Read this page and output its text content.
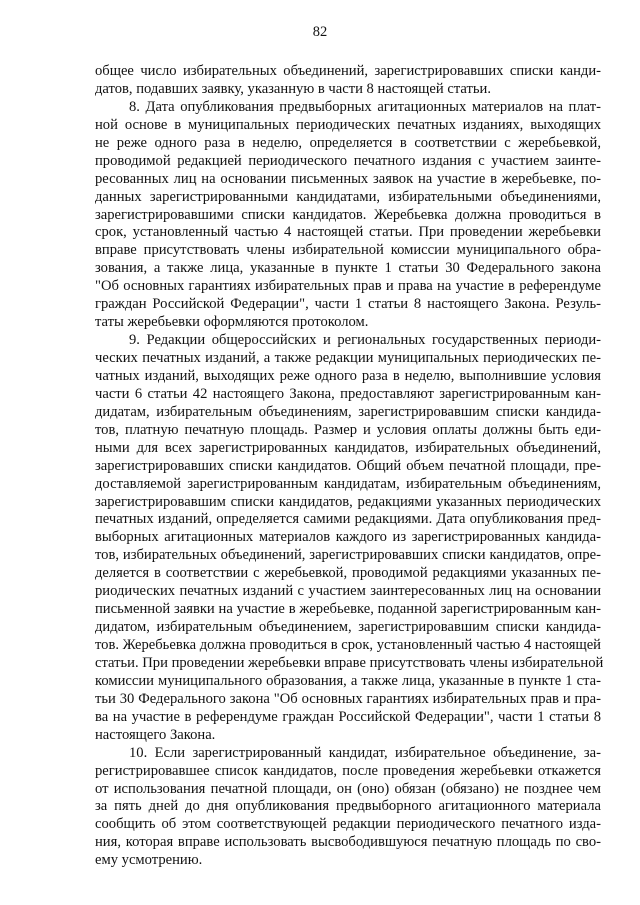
82
общее число избирательных объединений, зарегистрировавших списки канди-
датов, подавших заявку, указанную в части 8 настоящей статьи.
8. Дата опубликования предвыборных агитационных материалов на плат-
ной основе в муниципальных периодических печатных изданиях, выходящих
не реже одного раза в неделю, определяется в соответствии с жеребьевкой,
проводимой редакцией периодического печатного издания с участием заинте-
ресованных лиц на основании письменных заявок на участие в жеребьевке, по-
данных зарегистрированными кандидатами, избирательными объединениями,
зарегистрировавшими списки кандидатов. Жеребьевка должна проводиться в
срок, установленный частью 4 настоящей статьи. При проведении жеребьевки
вправе присутствовать члены избирательной комиссии муниципального обра-
зования, а также лица, указанные в пункте 1 статьи 30 Федерального закона
"Об основных гарантиях избирательных прав и права на участие в референдуме
граждан Российской Федерации", части 1 статьи 8 настоящего Закона. Резуль-
таты жеребьевки оформляются протоколом.
9. Редакции общероссийских и региональных государственных периоди-
ческих печатных изданий, а также редакции муниципальных периодических пе-
чатных изданий, выходящих реже одного раза в неделю, выполнившие условия
части 6 статьи 42 настоящего Закона, предоставляют зарегистрированным кан-
дидатам, избирательным объединениям, зарегистрировавшим списки кандида-
тов, платную печатную площадь. Размер и условия оплаты должны быть еди-
ными для всех зарегистрированных кандидатов, избирательных объединений,
зарегистрировавших списки кандидатов. Общий объем печатной площади, пре-
доставляемой зарегистрированным кандидатам, избирательным объединениям,
зарегистрировавшим списки кандидатов, редакциями указанных периодических
печатных изданий, определяется самими редакциями. Дата опубликования пред-
выборных агитационных материалов каждого из зарегистрированных кандида-
тов, избирательных объединений, зарегистрировавших списки кандидатов, опре-
деляется в соответствии с жеребьевкой, проводимой редакциями указанных пе-
риодических печатных изданий с участием заинтересованных лиц на основании
письменной заявки на участие в жеребьевке, поданной зарегистрированным кан-
дидатом, избирательным объединением, зарегистрировавшим списки кандида-
тов. Жеребьевка должна проводиться в срок, установленный частью 4 настоящей
статьи. При проведении жеребьевки вправе присутствовать члены избирательной
комиссии муниципального образования, а также лица, указанные в пункте 1 ста-
тьи 30 Федерального закона "Об основных гарантиях избирательных прав и пра-
ва на участие в референдуме граждан Российской Федерации", части 1 статьи 8
настоящего Закона.
10. Если зарегистрированный кандидат, избирательное объединение, за-
регистрировавшее список кандидатов, после проведения жеребьевки откажется
от использования печатной площади, он (оно) обязан (обязано) не позднее чем
за пять дней до дня опубликования предвыборного агитационного материала
сообщить об этом соответствующей редакции периодического печатного изда-
ния, которая вправе использовать высвободившуюся печатную площадь по сво-
ему усмотрению.
